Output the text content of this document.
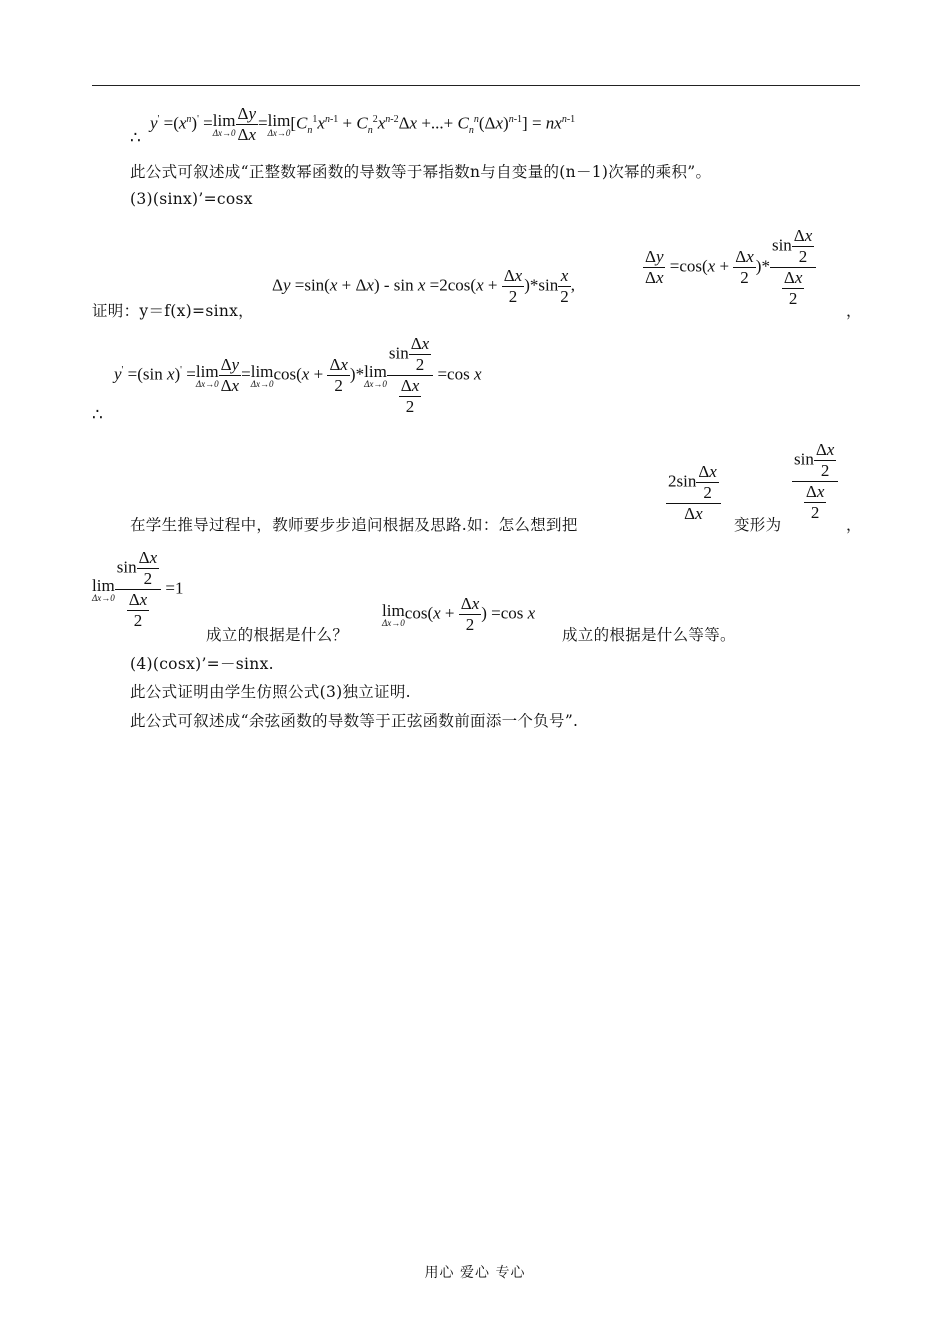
$y' =(x^n)' =\lim$
$\Delta x\to 0 \frac{\Delta y}{\Delta x} =\lim$
Δx→0
[$C_n^1x^{n-1} + C_n^2x^{n-2}\Delta x$ +...+ $C_n^n(\Delta x)^{n-1}] = nx^{n-1}$
∴
此公式可叙述成“正整数幂函数的导数等于幂指数n与自变量的(n－1)次幂的乘积”。
(3)(sinx)’=cosx
证明：y＝f(x)=sinx，
$\Delta y =\sin(x + \Delta x) - \sin x =2\cos(x + \frac{\Delta x}{2} )*\sin \frac{x}{2}$ ,	$\frac{\Delta y}{\Delta x} =\cos(x + \frac{\Delta x}{2}$ )* $\frac{\sin \frac{\Delta x}{2}}{\frac{\Delta x}{2}}$
，
y' =(sin x)' =lim
$\Delta x\to 0 \frac{\Delta y}{\Delta x} =\lim$
Δx→0
$\cos(x + \frac{\Delta x}{2} )*\lim$
$\Delta x\to 0 \frac{\sin \frac{\Delta x}{2}}{\frac{\Delta x}{2}} =\cos$ x
∴
在学生推导过程中，教师要步步追问根据及思路.如：怎么想到把
$\frac{2\sin \frac{\Delta x}{2}}{\Delta x}$
变形为
$\frac{\sin \frac{\Delta x}{2}}{\frac{\Delta x}{2}}$
，
lim
$\Delta x\to 0 \frac{\sin \frac{\Delta x}{2}}{\frac{\Delta x}{2}} =1$
成立的根据是什么？
lim
Δx→0
$\cos(x + \frac{\Delta x}{2}$ ) =cos x
成立的根据是什么等等。
(4)(cosx)’=－sinx.
此公式证明由学生仿照公式(3)独立证明.
此公式可叙述成“余弦函数的导数等于正弦函数前面添一个负号”.
用心 爱心 专心
